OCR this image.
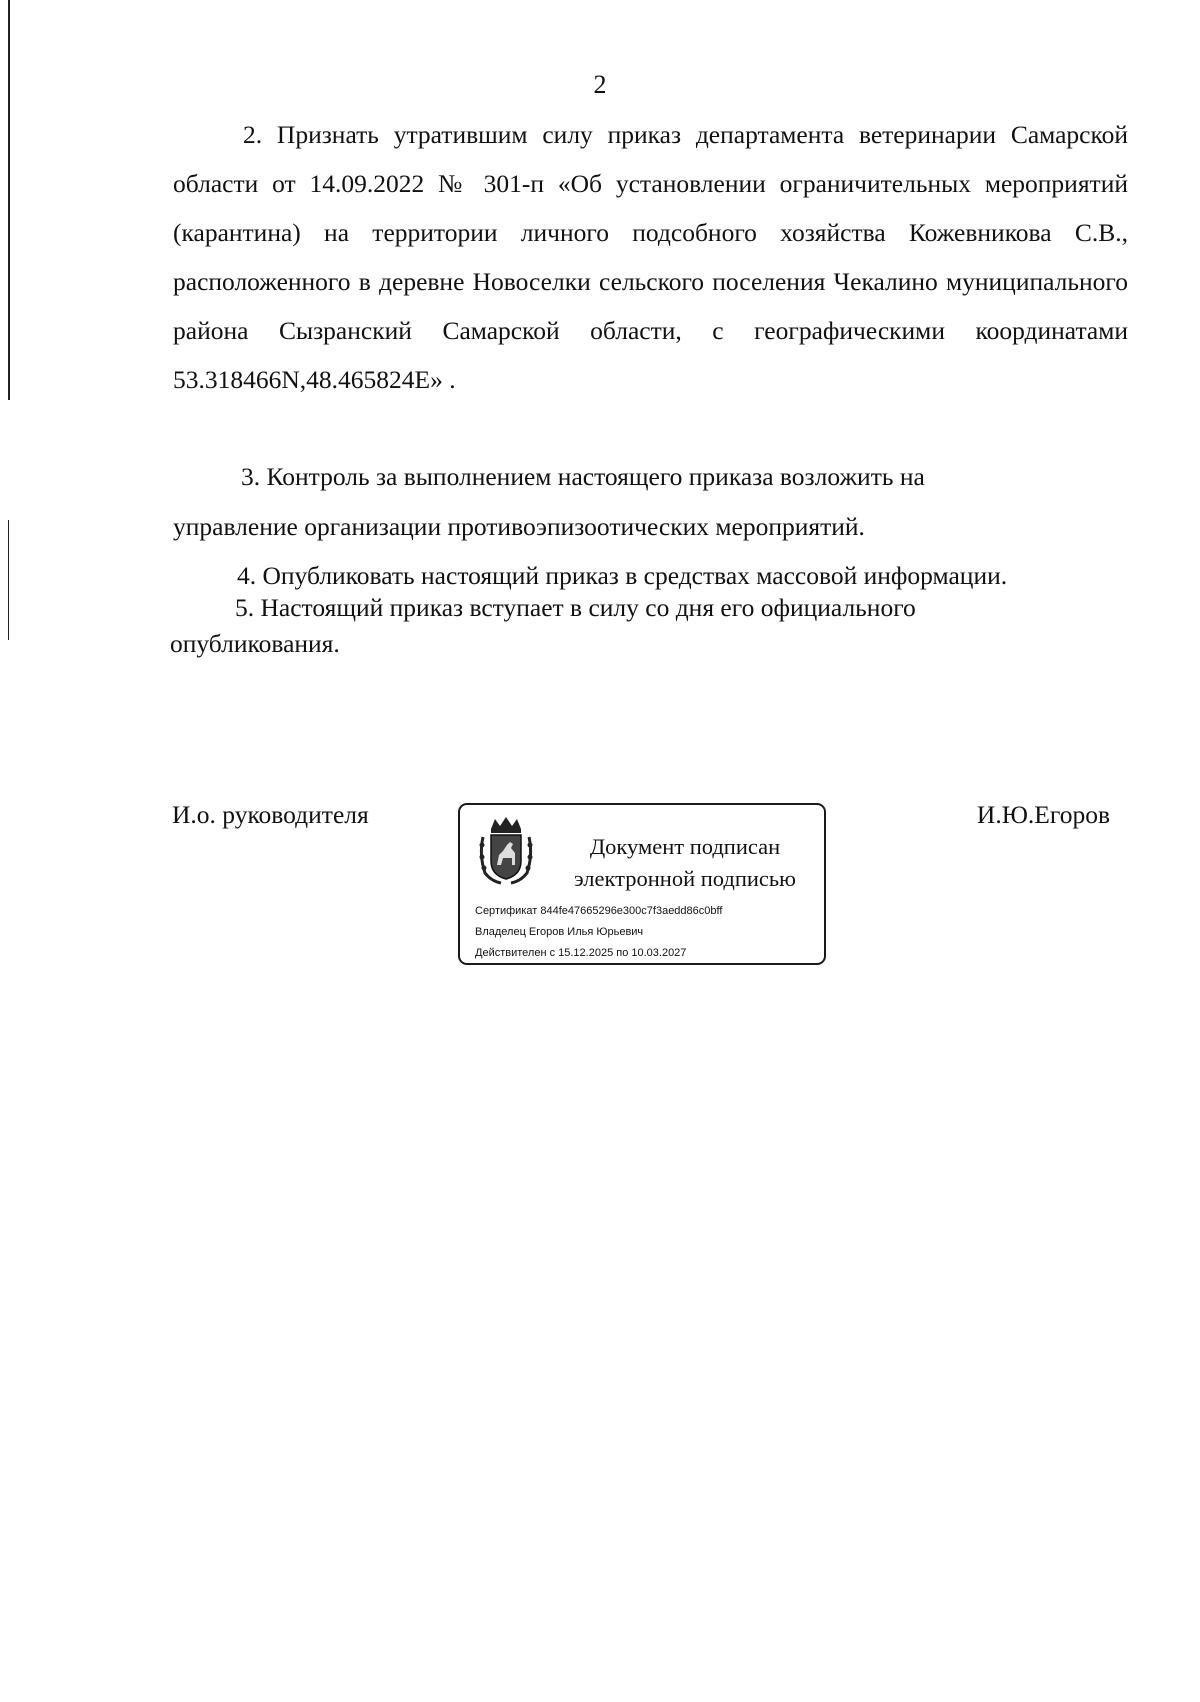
2
2. Признать утратившим силу приказ департамента ветеринарии Самарской области от 14.09.2022 № 301-п «Об установлении ограничительных мероприятий (карантина) на территории личного подсобного хозяйства Кожевникова С.В., расположенного в деревне Новоселки сельского поселения Чекалино муниципального района Сызранский Самарской области, с географическими координатами 53.318466N,48.465824E» .
3. Контроль за выполнением настоящего приказа возложить на
управление организации противоэпизоотических мероприятий.
4. Опубликовать настоящий приказ в средствах массовой информации.
5. Настоящий приказ вступает в силу со дня его официального
опубликования.
И.о. руководителя
Документ подписан
электронной подписью
Сертификат 844fe47665296e300c7f3aedd86c0bff
Владелец Егоров Илья Юрьевич
Действителен с 15.12.2025 по 10.03.2027
И.Ю.Егоров
